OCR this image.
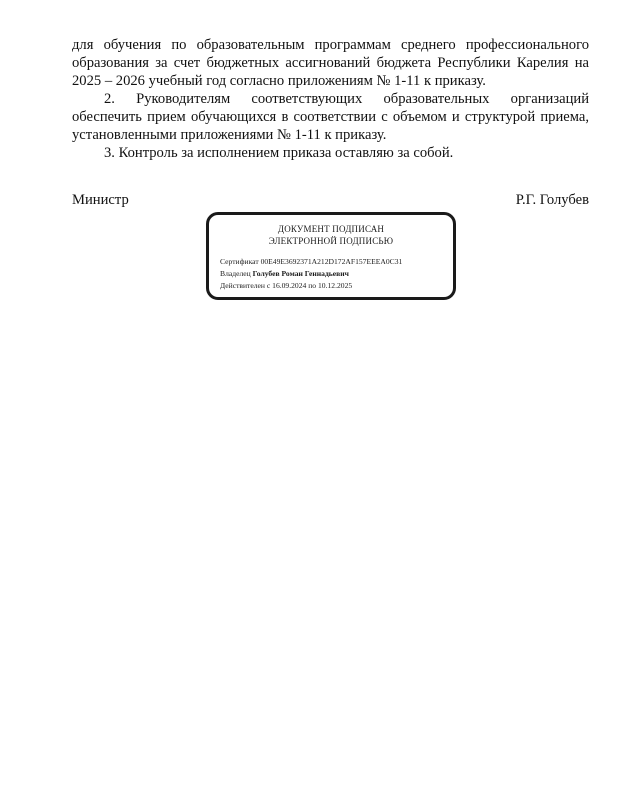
для обучения по образовательным программам среднего профессионального образования за счет бюджетных ассигнований бюджета Республики Карелия на 2025 – 2026 учебный год согласно приложениям № 1-11 к приказу.

2. Руководителям соответствующих образовательных организаций обеспечить прием обучающихся в соответствии с объемом и структурой приема, установленными приложениями № 1-11 к приказу.

3. Контроль за исполнением приказа оставляю за собой.

Министр	Р.Г. Голубев
ДОКУМЕНТ ПОДПИСАН
ЭЛЕКТРОННОЙ ПОДПИСЬЮ
Сертификат 00E49E3692371A212D172AF157EEEA0C31
Владелец Голубев Роман Геннадьевич
Действителен с 16.09.2024 по 10.12.2025
